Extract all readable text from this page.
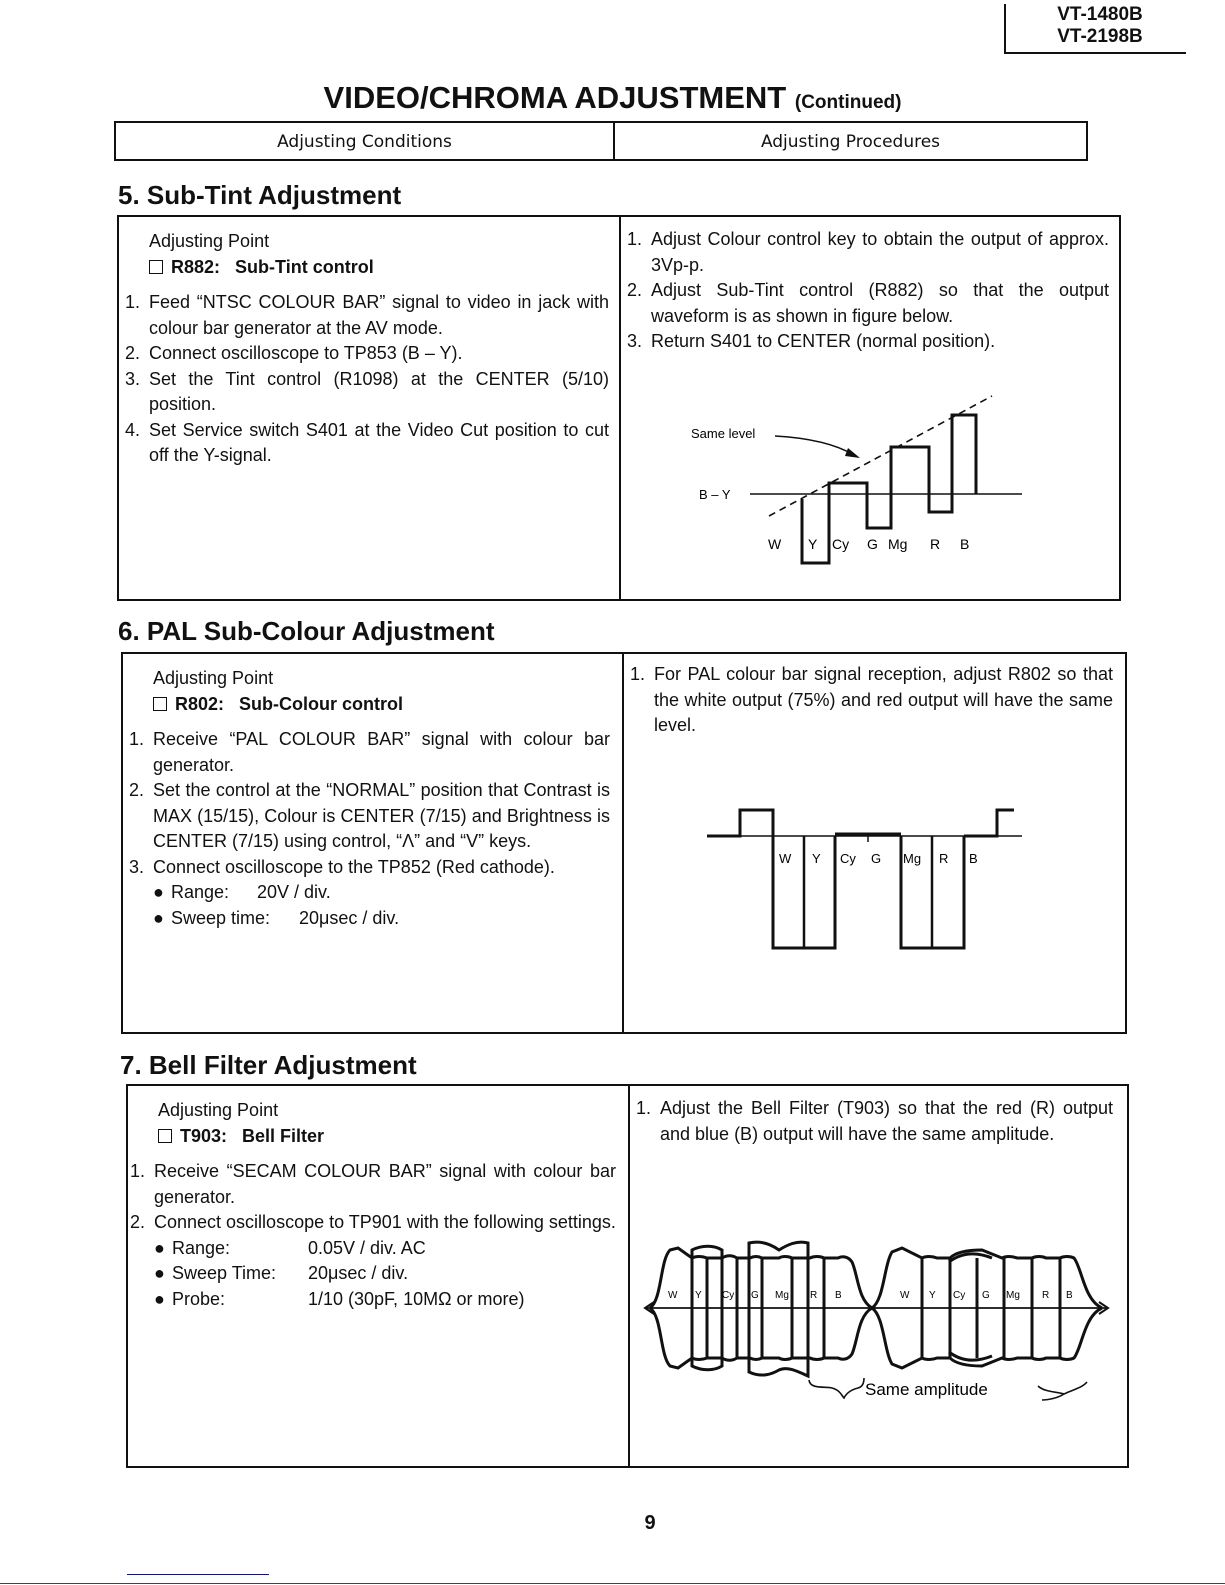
VT-1480B
VT-2198B
VIDEO/CHROMA ADJUSTMENT (Continued)
Adjusting Conditions	Adjusting Procedures
5. Sub-Tint Adjustment
Adjusting Point
R882: Sub-Tint control
1. Feed “NTSC COLOUR BAR” signal to video in jack with colour bar generator at the AV mode.
2. Connect oscilloscope to TP853 (B – Y).
3. Set the Tint control (R1098) at the CENTER (5/10) position.
4. Set Service switch S401 at the Video Cut position to cut off the Y-signal.
1. Adjust Colour control key to obtain the output of approx. 3Vp-p.
2. Adjust Sub-Tint control (R882) so that the output waveform is as shown in figure below.
3. Return S401 to CENTER (normal position).
Same level
B – Y
W Y Cy G Mg R B
6. PAL Sub-Colour Adjustment
Adjusting Point
R802: Sub-Colour control
1. Receive “PAL COLOUR BAR” signal with colour bar generator.
2. Set the control at the “NORMAL” position that Contrast is MAX (15/15), Colour is CENTER (7/15) and Brightness is CENTER (7/15) using control, “Λ” and “V” keys.
3. Connect oscilloscope to the TP852 (Red cathode).
● Range:	20V / div.
● Sweep time:	20μsec / div.
1. For PAL colour bar signal reception, adjust R802 so that the white output (75%) and red output will have the same level.
W Y Cy G Mg R B
7. Bell Filter Adjustment
Adjusting Point
T903: Bell Filter
1. Receive “SECAM COLOUR BAR” signal with colour bar generator.
2. Connect oscilloscope to TP901 with the following settings.
● Range:	0.05V / div. AC
● Sweep Time:	20μsec / div.
● Probe:	1/10 (30pF, 10MΩ or more)
1. Adjust the Bell Filter (T903) so that the red (R) output and blue (B) output will have the same amplitude.
W Y Cy G Mg R B	W Y Cy G Mg R B
Same amplitude
9
